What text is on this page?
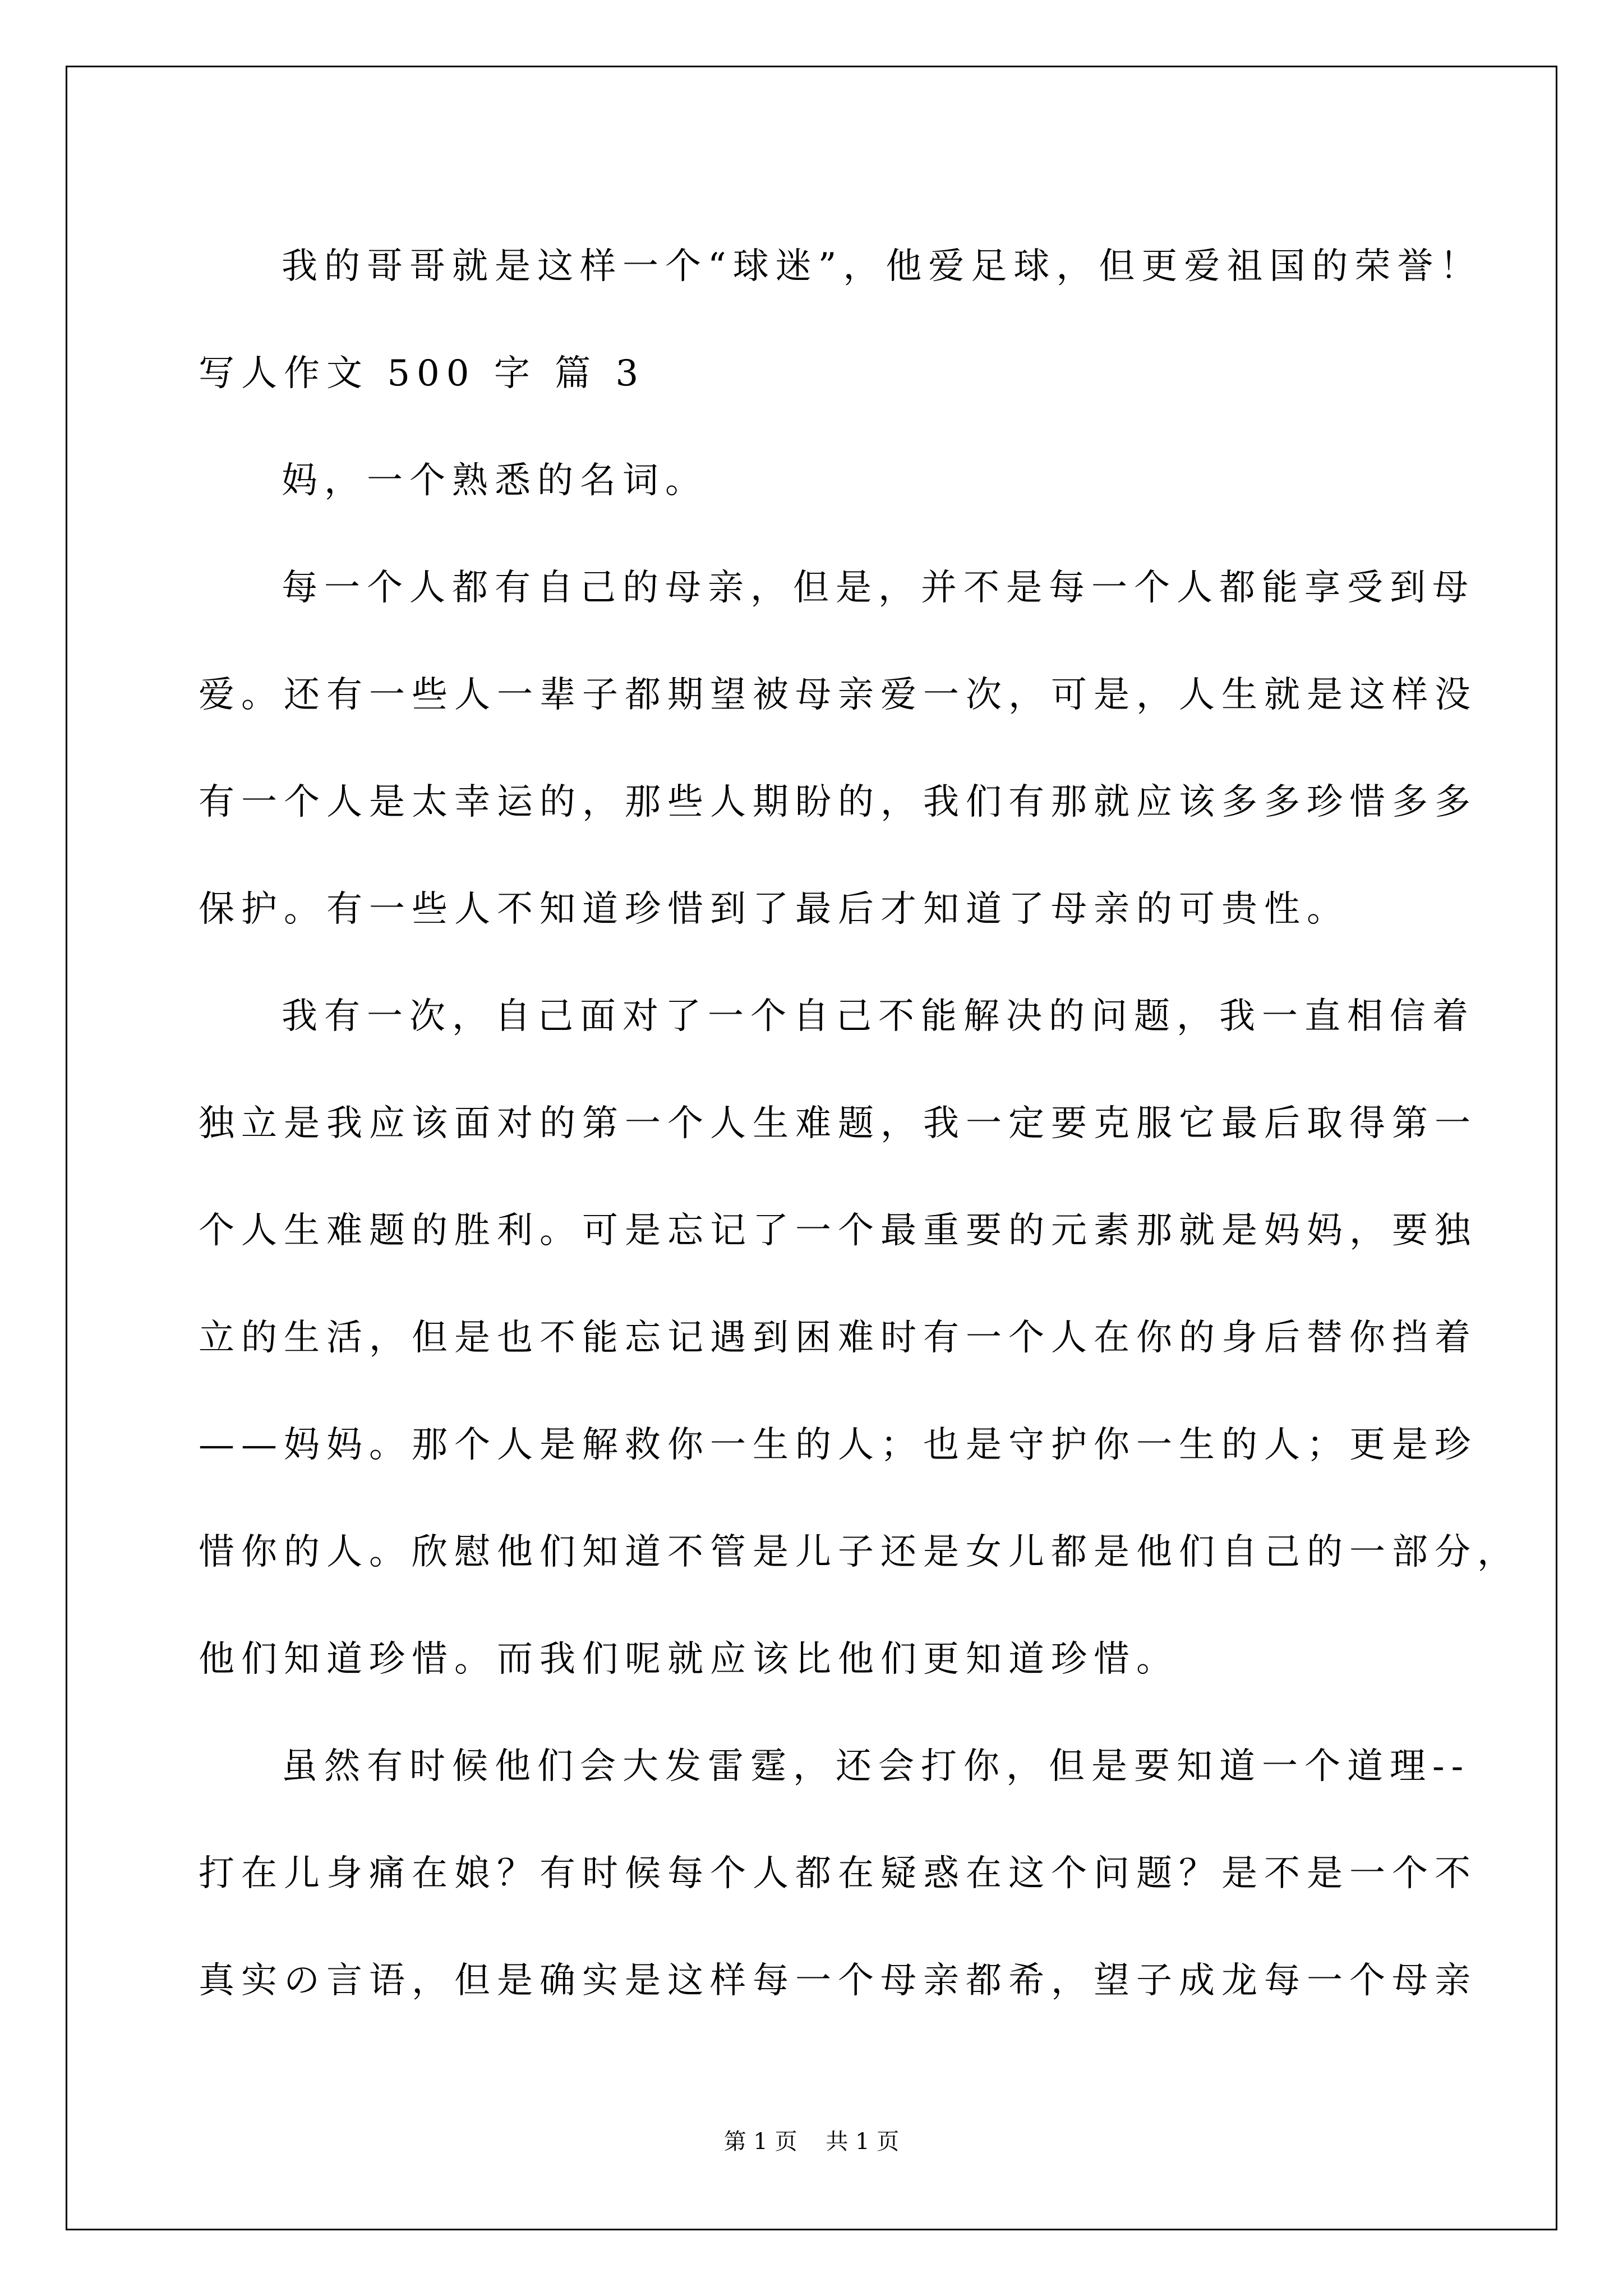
我的哥哥就是这样一个“球迷”，他爱足球，但更爱祖国的荣誉！
写人作文 500 字 篇 3
妈，一个熟悉的名词。
每一个人都有自己的母亲，但是，并不是每一个人都能享受到母
爱。还有一些人一辈子都期望被母亲爱一次，可是，人生就是这样没
有一个人是太幸运的，那些人期盼的，我们有那就应该多多珍惜多多
保护。有一些人不知道珍惜到了最后才知道了母亲的可贵性。
我有一次，自己面对了一个自己不能解决的问题，我一直相信着
独立是我应该面对的第一个人生难题，我一定要克服它最后取得第一
个人生难题的胜利。可是忘记了一个最重要的元素那就是妈妈，要独
立的生活，但是也不能忘记遇到困难时有一个人在你的身后替你挡着
——妈妈。那个人是解救你一生的人；也是守护你一生的人；更是珍
惜你的人。欣慰他们知道不管是儿子还是女儿都是他们自己的一部分，
他们知道珍惜。而我们呢就应该比他们更知道珍惜。
虽然有时候他们会大发雷霆，还会打你，但是要知道一个道理--
打在儿身痛在娘？有时候每个人都在疑惑在这个问题？是不是一个不
真实の言语，但是确实是这样每一个母亲都希，望子成龙每一个母亲
第 1 页    共 1 页
